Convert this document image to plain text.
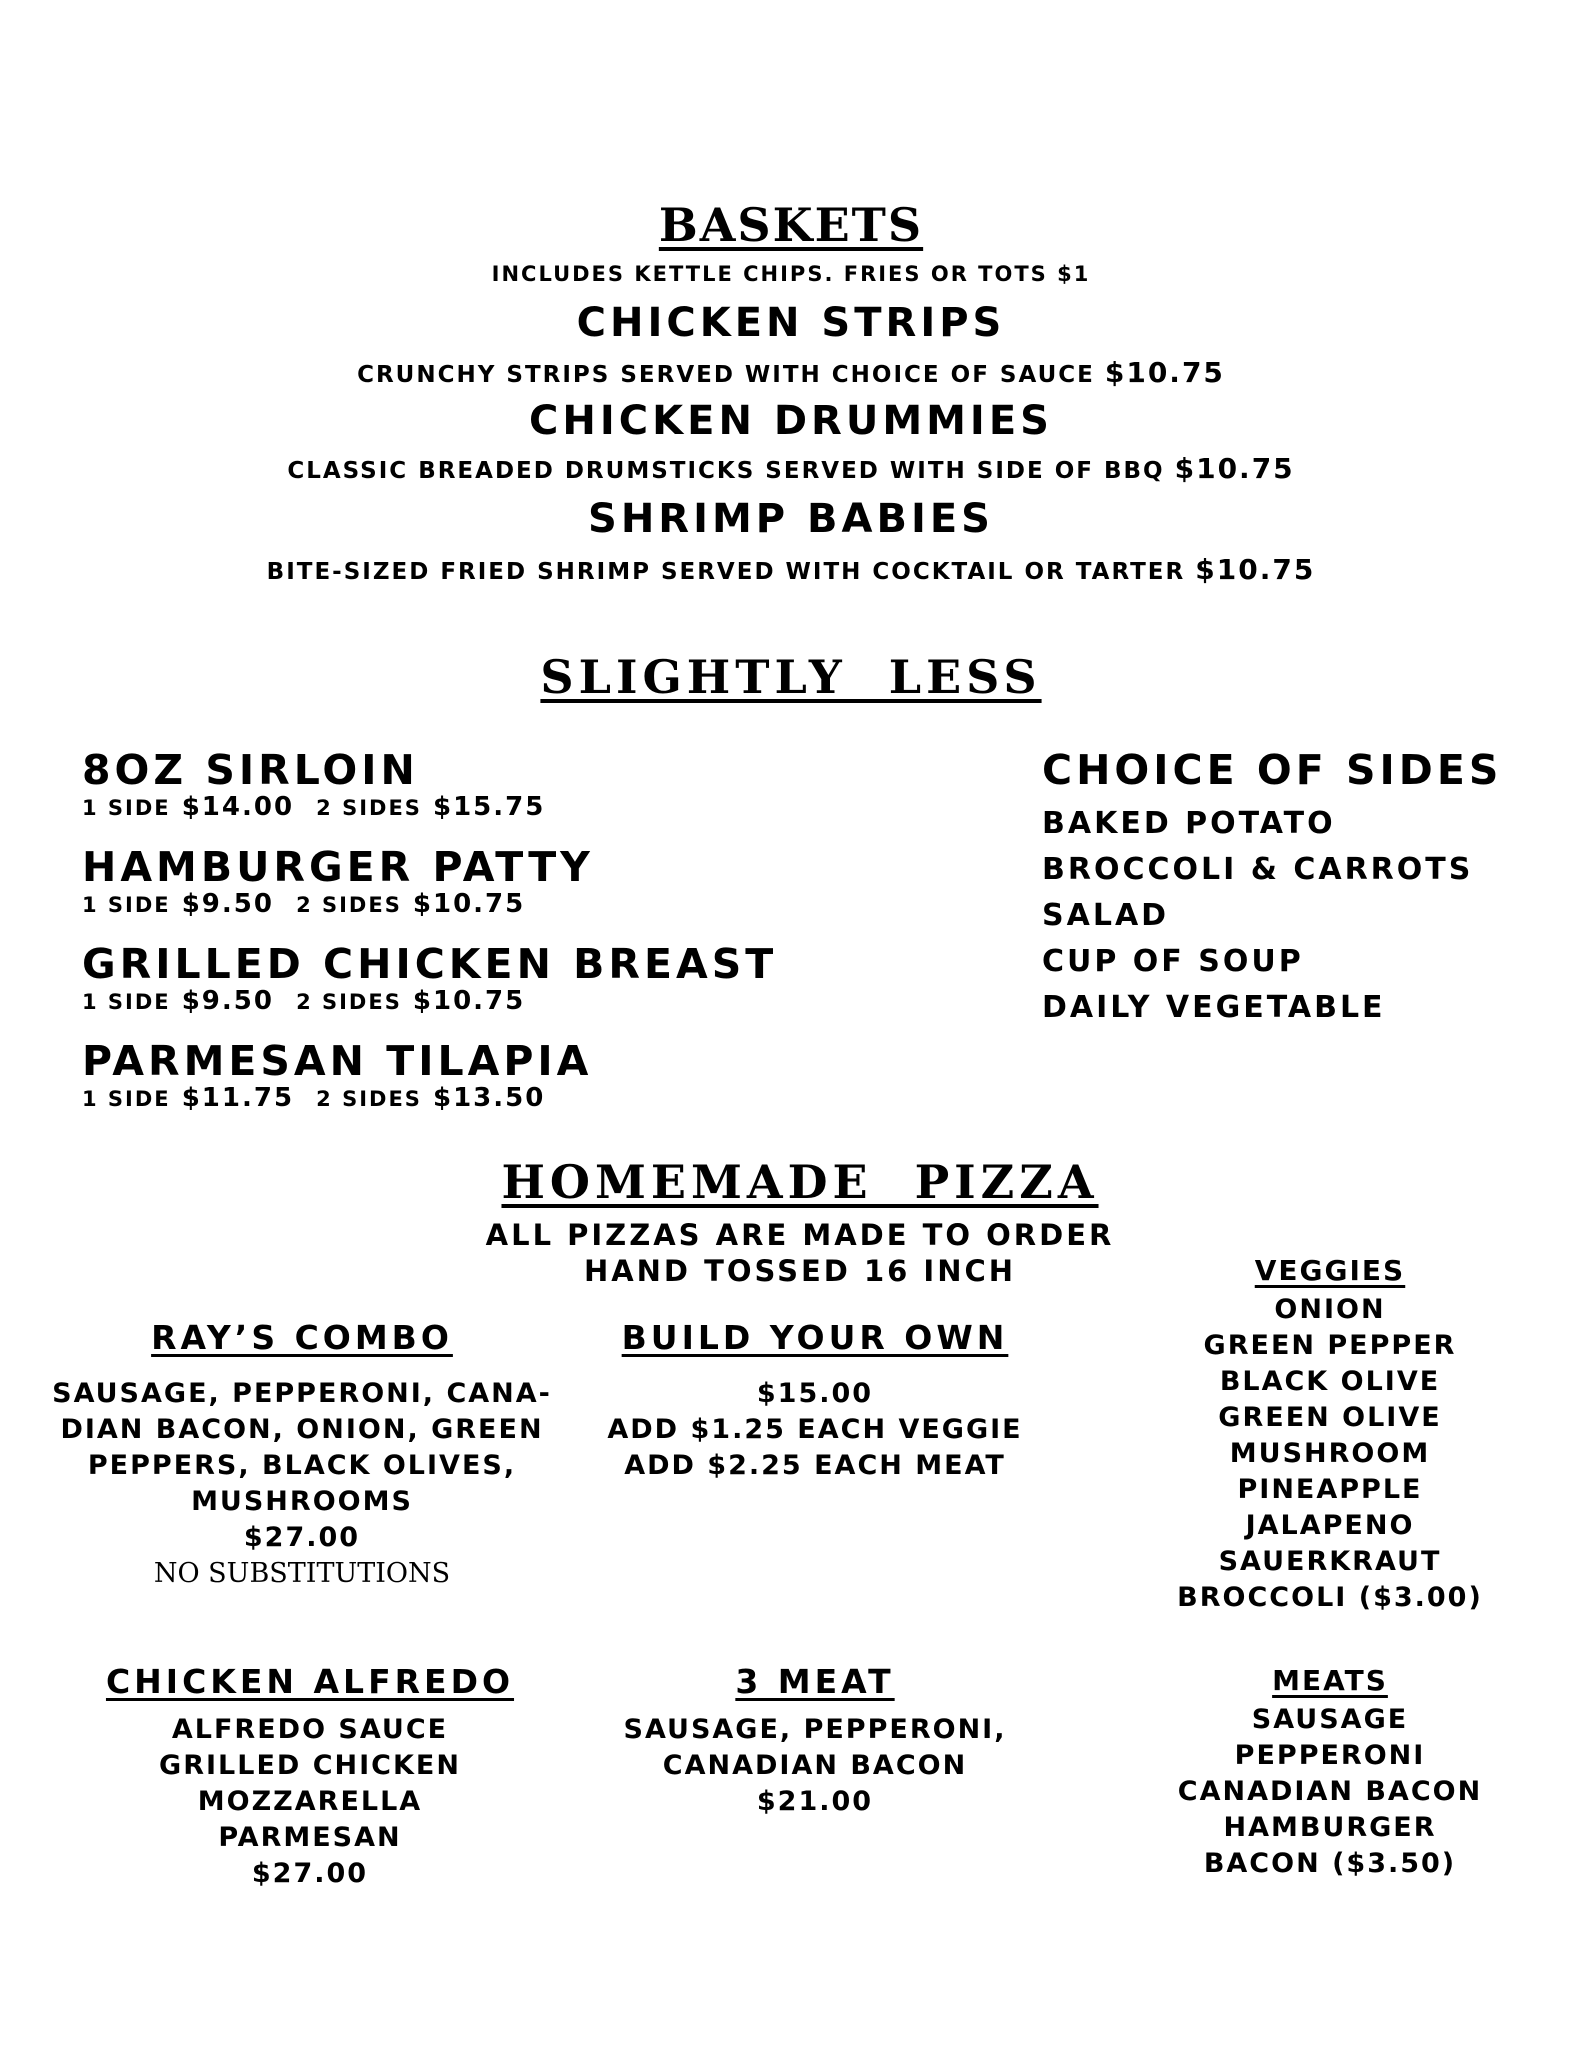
BASKETS
INCLUDES KETTLE CHIPS. FRIES OR TOTS $1
CHICKEN STRIPS
CRUNCHY STRIPS SERVED WITH CHOICE OF SAUCE $10.75
CHICKEN DRUMMIES
CLASSIC BREADED DRUMSTICKS SERVED WITH SIDE OF BBQ $10.75
SHRIMP BABIES
BITE-SIZED FRIED SHRIMP SERVED WITH COCKTAIL OR TARTER $10.75
SLIGHTLY  LESS
8OZ SIRLOIN
1 SIDE $14.00 2 SIDES $15.75
HAMBURGER PATTY
1 SIDE $9.50 2 SIDES $10.75
GRILLED CHICKEN BREAST
1 SIDE $9.50 2 SIDES $10.75
PARMESAN TILAPIA
1 SIDE $11.75 2 SIDES $13.50
CHOICE OF SIDES
BAKED POTATO
BROCCOLI & CARROTS
SALAD
CUP OF SOUP
DAILY VEGETABLE
HOMEMADE  PIZZA
ALL PIZZAS ARE MADE TO ORDER
HAND TOSSED 16 INCH
RAY’S COMBO
SAUSAGE, PEPPERONI, CANA-
DIAN BACON, ONION, GREEN
PEPPERS, BLACK OLIVES,
MUSHROOMS
$27.00
NO SUBSTITUTIONS
BUILD YOUR OWN
$15.00
ADD $1.25 EACH VEGGIE
ADD $2.25 EACH MEAT
VEGGIES
ONION
GREEN PEPPER
BLACK OLIVE
GREEN OLIVE
MUSHROOM
PINEAPPLE
JALAPENO
SAUERKRAUT
BROCCOLI ($3.00)
CHICKEN ALFREDO
ALFREDO SAUCE
GRILLED CHICKEN
MOZZARELLA
PARMESAN
$27.00
3 MEAT
SAUSAGE, PEPPERONI,
CANADIAN BACON
$21.00
MEATS
SAUSAGE
PEPPERONI
CANADIAN BACON
HAMBURGER
BACON ($3.50)
